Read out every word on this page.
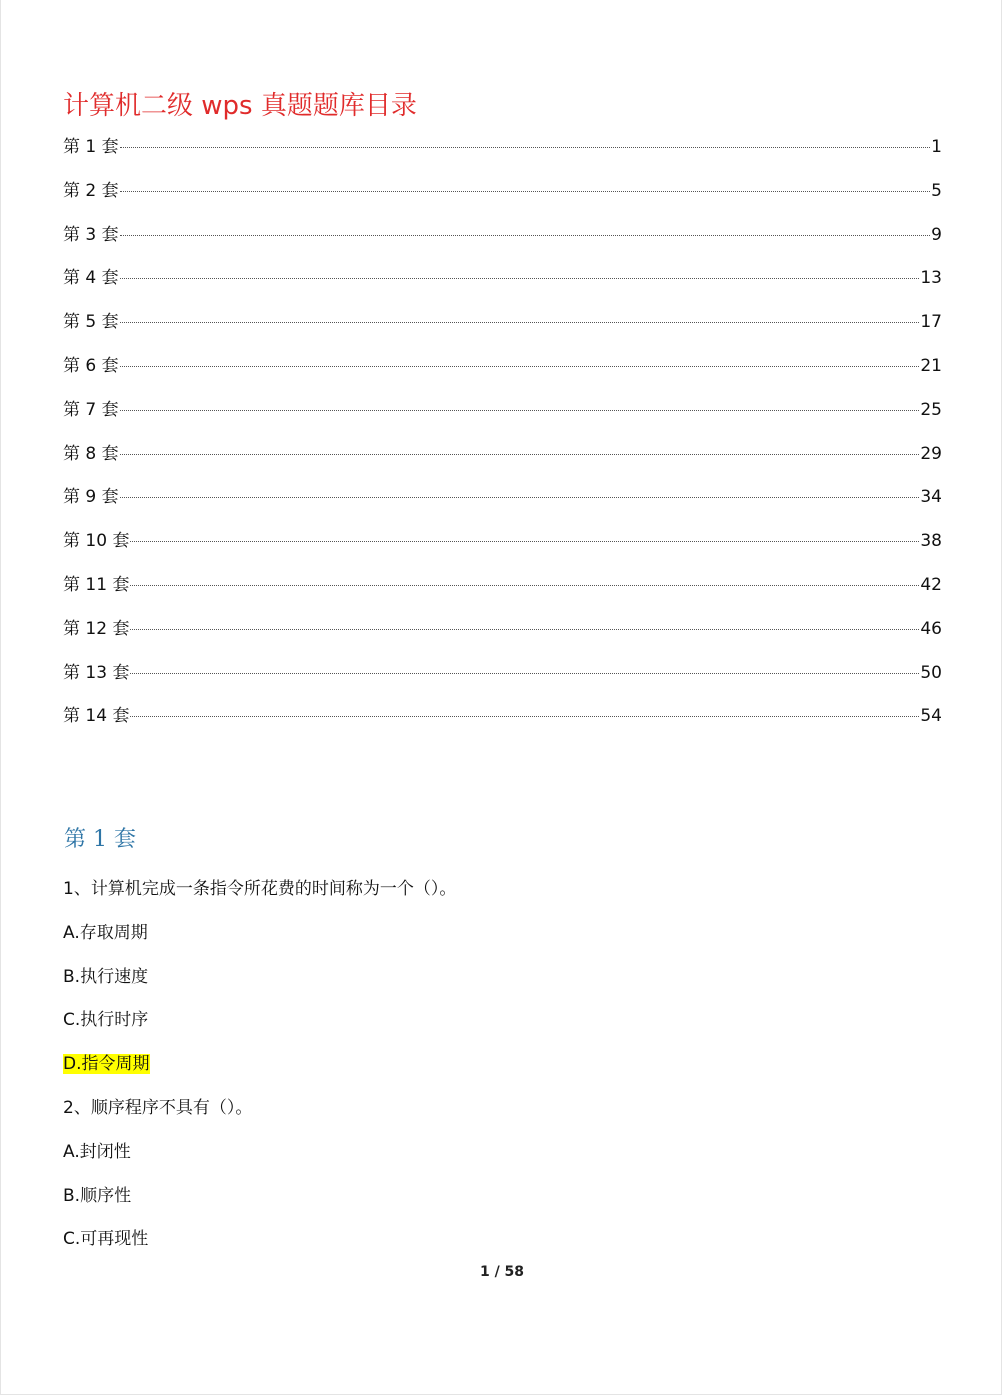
计算机二级 wps 真题题库目录
第 1 套	1
第 2 套	5
第 3 套	9
第 4 套	13
第 5 套	17
第 6 套	21
第 7 套	25
第 8 套	29
第 9 套	34
第 10 套	38
第 11 套	42
第 12 套	46
第 13 套	50
第 14 套	54
第 1 套
1、计算机完成一条指令所花费的时间称为一个（）。
A.存取周期
B.执行速度
C.执行时序
D.指令周期
2、顺序程序不具有（）。
A.封闭性
B.顺序性
C.可再现性
1 / 58
